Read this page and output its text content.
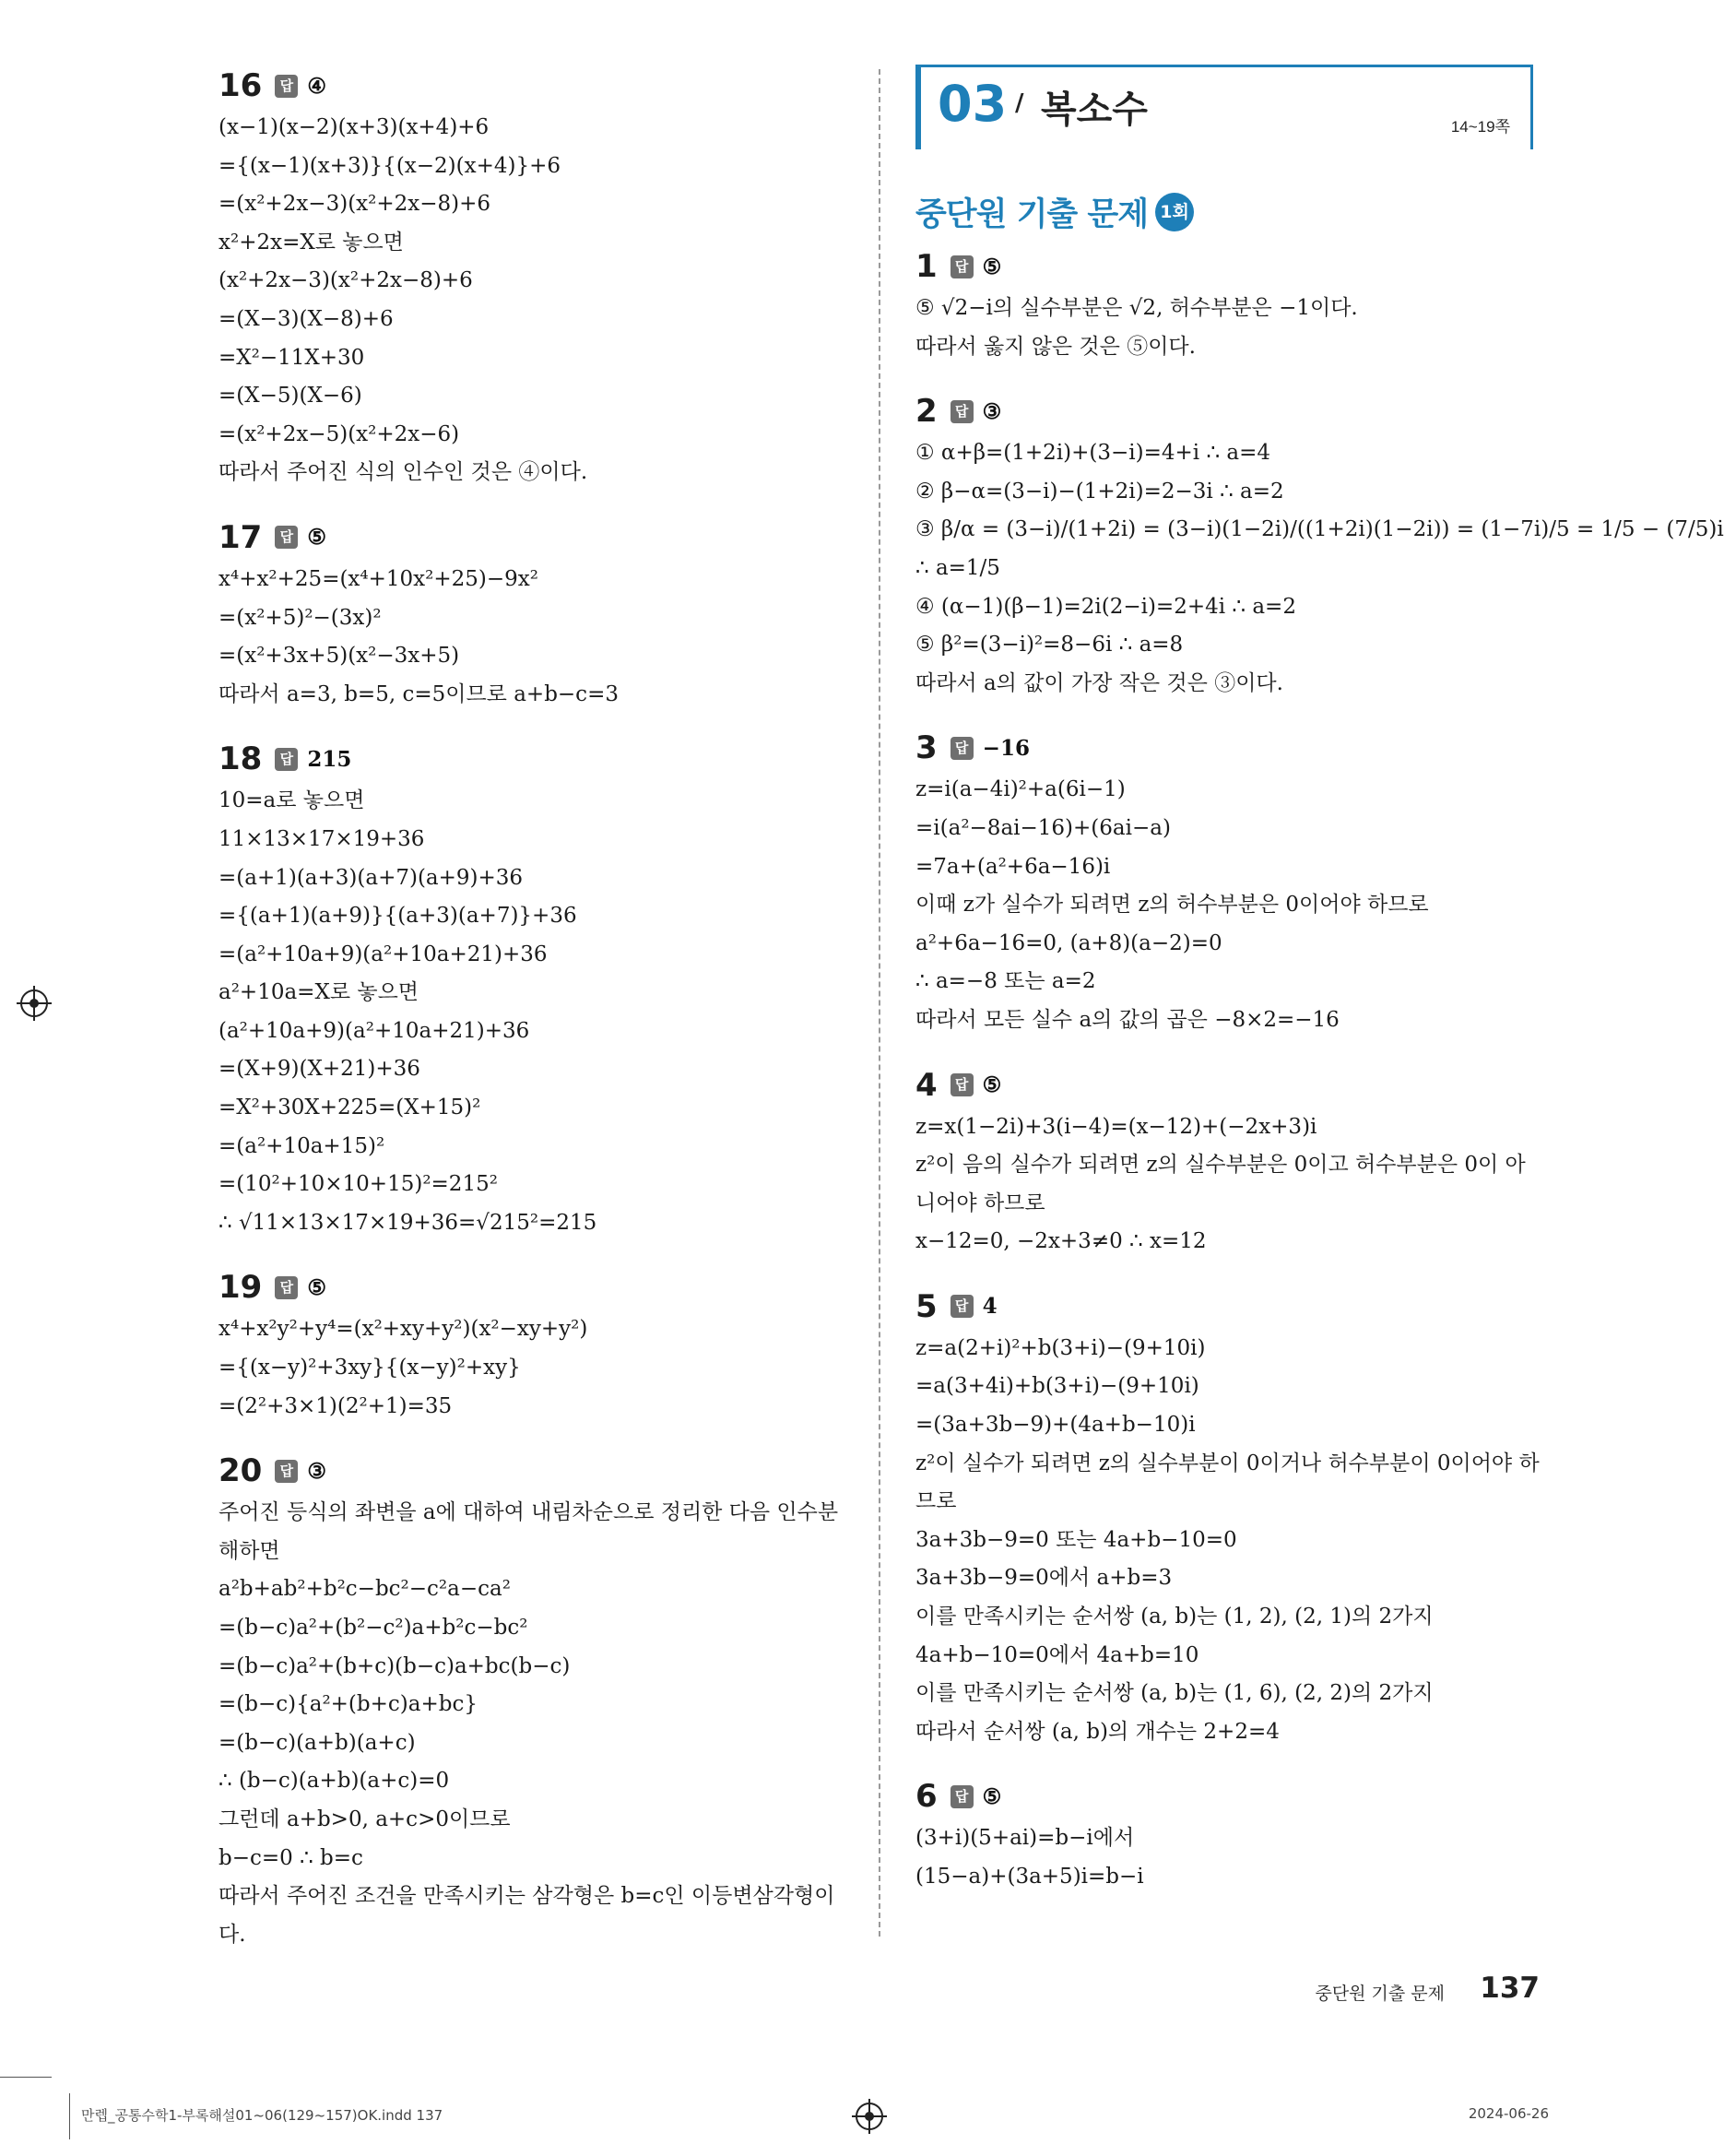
16	답 ④
(x−1)(x−2)(x+3)(x+4)+6
={(x−1)(x+3)}{(x−2)(x+4)}+6
=(x²+2x−3)(x²+2x−8)+6
x²+2x=X로 놓으면
(x²+2x−3)(x²+2x−8)+6
=(X−3)(X−8)+6
=X²−11X+30
=(X−5)(X−6)
=(x²+2x−5)(x²+2x−6)
따라서 주어진 식의 인수인 것은 ④이다.
17	답 ⑤
x⁴+x²+25=(x⁴+10x²+25)−9x²
=(x²+5)²−(3x)²
=(x²+3x+5)(x²−3x+5)
따라서 a=3, b=5, c=5이므로 a+b−c=3
18	답 215
10=a로 놓으면
11×13×17×19+36
=(a+1)(a+3)(a+7)(a+9)+36
={(a+1)(a+9)}{(a+3)(a+7)}+36
=(a²+10a+9)(a²+10a+21)+36
a²+10a=X로 놓으면
(a²+10a+9)(a²+10a+21)+36
=(X+9)(X+21)+36
=X²+30X+225=(X+15)²
=(a²+10a+15)²
=(10²+10×10+15)²=215²
∴ √11×13×17×19+36=√215²=215
19	답 ⑤
x⁴+x²y²+y⁴=(x²+xy+y²)(x²−xy+y²)
={(x−y)²+3xy}{(x−y)²+xy}
=(2²+3×1)(2²+1)=35
20	답 ③
주어진 등식의 좌변을 a에 대하여 내림차순으로 정리한 다음 인수분
해하면
a²b+ab²+b²c−bc²−c²a−ca²
=(b−c)a²+(b²−c²)a+b²c−bc²
=(b−c)a²+(b+c)(b−c)a+bc(b−c)
=(b−c){a²+(b+c)a+bc}
=(b−c)(a+b)(a+c)
∴ (b−c)(a+b)(a+c)=0
그런데 a+b>0, a+c>0이므로
b−c=0 ∴ b=c
따라서 주어진 조건을 만족시키는 삼각형은 b=c인 이등변삼각형이
다.
03 / 복소수	14~19쪽
중단원 기출 문제 1회
1	답 ⑤
⑤ √2−i의 실수부분은 √2, 허수부분은 −1이다.
따라서 옳지 않은 것은 ⑤이다.
2	답 ③
① α+β=(1+2i)+(3−i)=4+i ∴ a=4
② β−α=(3−i)−(1+2i)=2−3i ∴ a=2
③ β/α = (3−i)/(1+2i) = (3−i)(1−2i)/((1+2i)(1−2i)) = (1−7i)/5 = 1/5 − (7/5)i
∴ a=1/5
④ (α−1)(β−1)=2i(2−i)=2+4i ∴ a=2
⑤ β²=(3−i)²=8−6i ∴ a=8
따라서 a의 값이 가장 작은 것은 ③이다.
3	답 −16
z=i(a−4i)²+a(6i−1)
=i(a²−8ai−16)+(6ai−a)
=7a+(a²+6a−16)i
이때 z가 실수가 되려면 z의 허수부분은 0이어야 하므로
a²+6a−16=0, (a+8)(a−2)=0
∴ a=−8 또는 a=2
따라서 모든 실수 a의 값의 곱은 −8×2=−16
4	답 ⑤
z=x(1−2i)+3(i−4)=(x−12)+(−2x+3)i
z²이 음의 실수가 되려면 z의 실수부분은 0이고 허수부분은 0이 아
니어야 하므로
x−12=0, −2x+3≠0 ∴ x=12
5	답 4
z=a(2+i)²+b(3+i)−(9+10i)
=a(3+4i)+b(3+i)−(9+10i)
=(3a+3b−9)+(4a+b−10)i
z²이 실수가 되려면 z의 실수부분이 0이거나 허수부분이 0이어야 하
므로
3a+3b−9=0 또는 4a+b−10=0
3a+3b−9=0에서 a+b=3
이를 만족시키는 순서쌍 (a, b)는 (1, 2), (2, 1)의 2가지
4a+b−10=0에서 4a+b=10
이를 만족시키는 순서쌍 (a, b)는 (1, 6), (2, 2)의 2가지
따라서 순서쌍 (a, b)의 개수는 2+2=4
6	답 ⑤
(3+i)(5+ai)=b−i에서
(15−a)+(3a+5)i=b−i
중단원 기출 문제 137
만렙_공통수학1-부록해설01~06(129~157)OK.indd 137	2024-06-26
